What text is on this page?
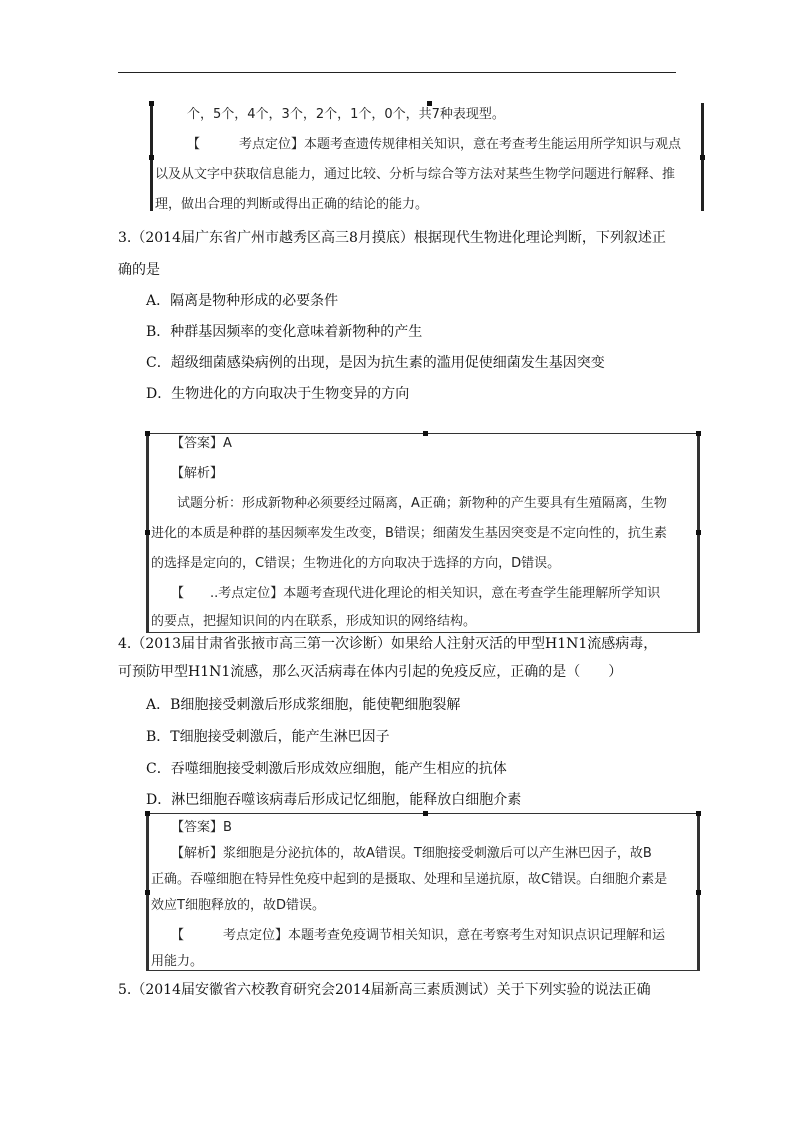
个，5个，4个，3个，2个，1个，0个，共7种表现型。
【　　　考点定位】本题考查遗传规律相关知识，意在考查考生能运用所学知识与观点
以及从文字中获取信息能力，通过比较、分析与综合等方法对某些生物学问题进行解释、推
理，做出合理的判断或得出正确的结论的能力。
3.（2014届广东省广州市越秀区高三8月摸底）根据现代生物进化理论判断，下列叙述正
确的是
A．隔离是物种形成的必要条件
B．种群基因频率的变化意味着新物种的产生
C．超级细菌感染病例的出现，是因为抗生素的滥用促使细菌发生基因突变
D．生物进化的方向取决于生物变异的方向
【答案】A
【解析】
试题分析：形成新物种必须要经过隔离，A正确；新物种的产生要具有生殖隔离，生物
进化的本质是种群的基因频率发生改变，B错误；细菌发生基因突变是不定向性的，抗生素
的选择是定向的，C错误；生物进化的方向取决于选择的方向，D错误。
【　　..考点定位】本题考查现代进化理论的相关知识，意在考查学生能理解所学知识
的要点，把握知识间的内在联系，形成知识的网络结构。
4.（2013届甘肃省张掖市高三第一次诊断）如果给人注射灭活的甲型H1N1流感病毒，
可预防甲型H1N1流感，那么灭活病毒在体内引起的免疫反应，正确的是（　　）
A．B细胞接受刺激后形成浆细胞，能使靶细胞裂解
B．T细胞接受刺激后，能产生淋巴因子
C．吞噬细胞接受刺激后形成效应细胞，能产生相应的抗体
D．淋巴细胞吞噬该病毒后形成记忆细胞，能释放白细胞介素
【答案】B
【解析】浆细胞是分泌抗体的，故A错误。T细胞接受刺激后可以产生淋巴因子，故B
正确。吞噬细胞在特异性免疫中起到的是摄取、处理和呈递抗原，故C错误。白细胞介素是
效应T细胞释放的，故D错误。
【　　　考点定位】本题考查免疫调节相关知识，意在考察考生对知识点识记理解和运
用能力。
5.（2014届安徽省六校教育研究会2014届新高三素质测试）关于下列实验的说法正确
